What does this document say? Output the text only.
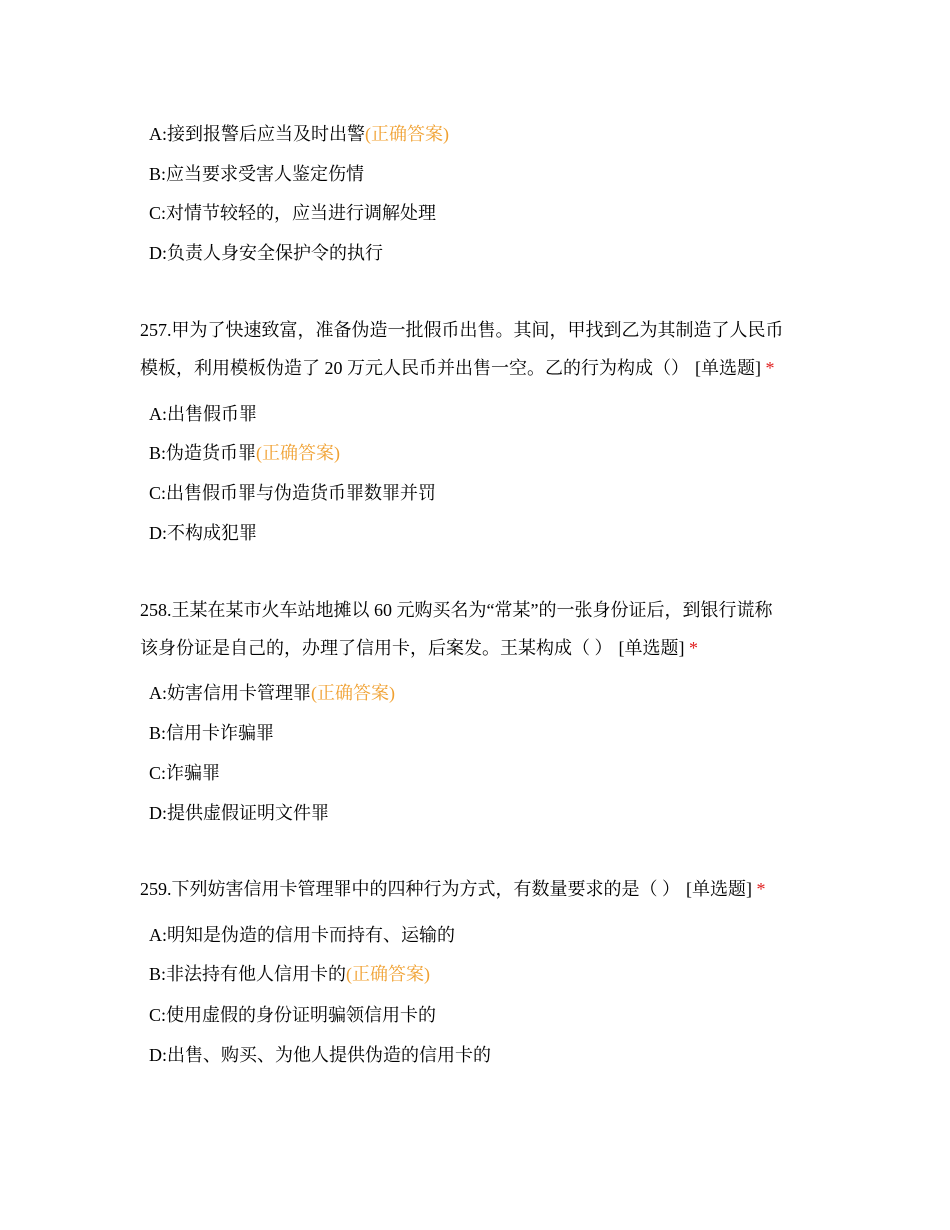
A:接到报警后应当及时出警(正确答案)
B:应当要求受害人鉴定伤情
C:对情节较轻的，应当进行调解处理
D:负责人身安全保护令的执行
257.甲为了快速致富，准备伪造一批假币出售。其间，甲找到乙为其制造了人民币
模板，利用模板伪造了 20 万元人民币并出售一空。乙的行为构成（） [单选题] *
A:出售假币罪
B:伪造货币罪(正确答案)
C:出售假币罪与伪造货币罪数罪并罚
D:不构成犯罪
258.王某在某市火车站地摊以 60 元购买名为“常某”的一张身份证后，到银行谎称
该身份证是自己的，办理了信用卡，后案发。王某构成（ ） [单选题] *
A:妨害信用卡管理罪(正确答案)
B:信用卡诈骗罪
C:诈骗罪
D:提供虚假证明文件罪
259.下列妨害信用卡管理罪中的四种行为方式，有数量要求的是（ ） [单选题] *
A:明知是伪造的信用卡而持有、运输的
B:非法持有他人信用卡的(正确答案)
C:使用虚假的身份证明骗领信用卡的
D:出售、购买、为他人提供伪造的信用卡的
